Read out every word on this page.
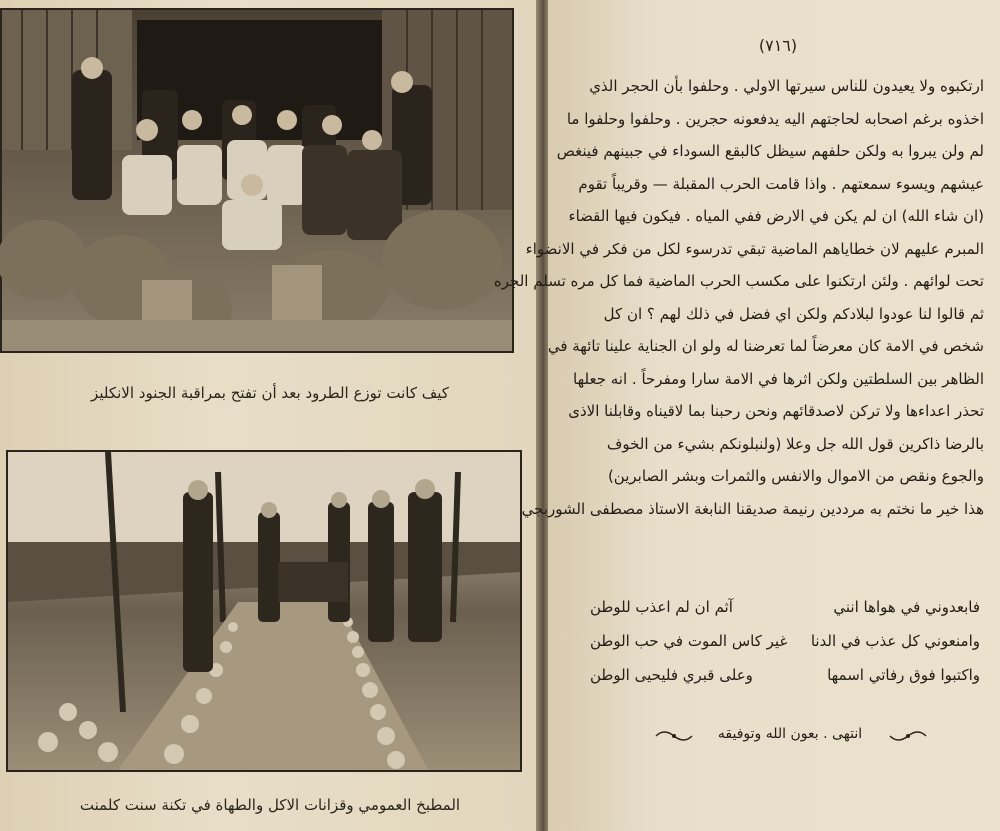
كيف كانت توزع الطرود بعد أن تفتح بمراقبة الجنود الانكليز
المطبخ العمومي وقزانات الاكل والطهاة في تكنة سنت كلمنت
(٧١٦)
ارتكبوه ولا يعيدون للناس سيرتها الاولي . وحلفوا بأن الحجر الذي
اخذوه برغم اصحابه لحاجتهم اليه يدفعونه حجرين . وحلفوا وحلفوا ما
لم ولن يبروا به ولكن حلفهم سيظل كالبقع السوداء في جبينهم فينغص
عيشهم ويسوء سمعتهم . واذا قامت الحرب المقبلة — وقريباً تقوم
(ان شاء الله) ان لم يكن في الارض ففي المياه . فيكون فيها القضاء
المبرم عليهم لان خطاياهم الماضية تبقي تدرسوء لكل من فكر في الانضواء
تحت لوائهم . ولئن ارتكنوا على مكسب الحرب الماضية فما كل مره تسلم الجره
ثم قالوا لنا عودوا لبلادكم ولكن اي فضل في ذلك لهم ؟ ان كل
شخص في الامة كان معرضاً لما تعرضنا له ولو ان الجناية علينا تائهة في
الظاهر بين السلطتين ولكن اثرها في الامة سارا ومفرحاً . انه جعلها
تحذر اعداءها ولا تركن لاصدقائهم ونحن رحبنا بما لاقيناه وقابلنا الاذى
بالرضا ذاكرين قول الله جل وعلا (ولنبلونكم بشيء من الخوف
والجوع ونقص من الاموال والانفس والثمرات وبشر الصابرين)
هذا خير ما نختم به مرددين رنيمة صديقنا النابغة الاستاذ مصطفى الشوربجي
فابعدوني في هواها انني
آثم ان لم اعذب للوطن
وامنعوني كل عذب في الدنا
غير كاس الموت في حب الوطن
واكتبوا فوق رفاتي اسمها
وعلى قبري فليحيى الوطن
انتهى . بعون الله وتوفيقه
